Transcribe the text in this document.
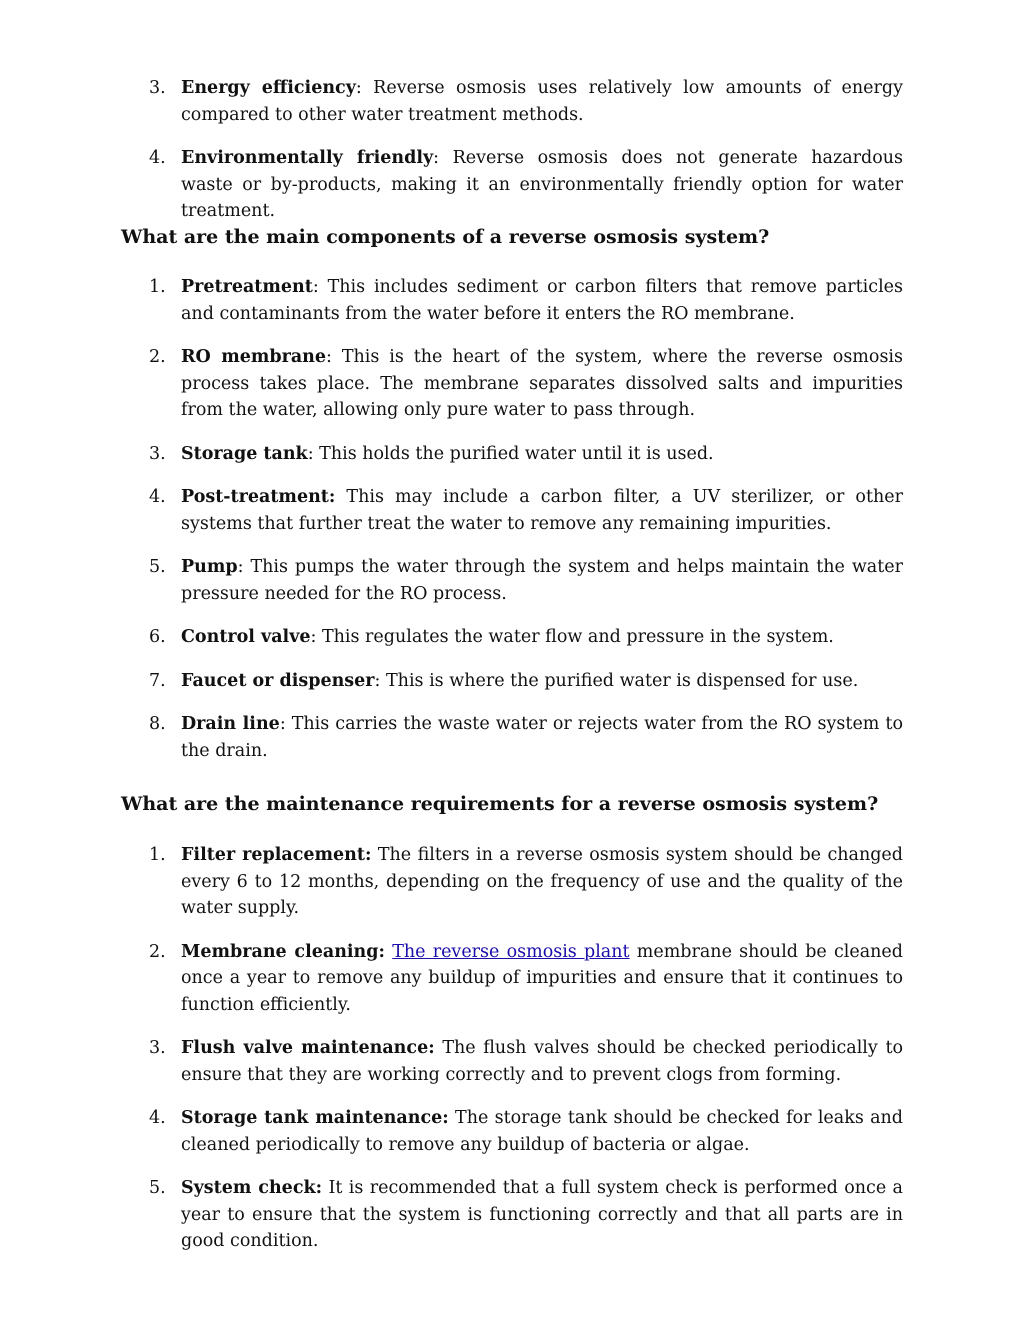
3. Energy efficiency: Reverse osmosis uses relatively low amounts of energy compared to other water treatment methods.
4. Environmentally friendly: Reverse osmosis does not generate hazardous waste or by-products, making it an environmentally friendly option for water treatment.
What are the main components of a reverse osmosis system?
1. Pretreatment: This includes sediment or carbon filters that remove particles and contaminants from the water before it enters the RO membrane.
2. RO membrane: This is the heart of the system, where the reverse osmosis process takes place. The membrane separates dissolved salts and impurities from the water, allowing only pure water to pass through.
3. Storage tank: This holds the purified water until it is used.
4. Post-treatment: This may include a carbon filter, a UV sterilizer, or other systems that further treat the water to remove any remaining impurities.
5. Pump: This pumps the water through the system and helps maintain the water pressure needed for the RO process.
6. Control valve: This regulates the water flow and pressure in the system.
7. Faucet or dispenser: This is where the purified water is dispensed for use.
8. Drain line: This carries the waste water or rejects water from the RO system to the drain.
What are the maintenance requirements for a reverse osmosis system?
1. Filter replacement: The filters in a reverse osmosis system should be changed every 6 to 12 months, depending on the frequency of use and the quality of the water supply.
2. Membrane cleaning: The reverse osmosis plant membrane should be cleaned once a year to remove any buildup of impurities and ensure that it continues to function efficiently.
3. Flush valve maintenance: The flush valves should be checked periodically to ensure that they are working correctly and to prevent clogs from forming.
4. Storage tank maintenance: The storage tank should be checked for leaks and cleaned periodically to remove any buildup of bacteria or algae.
5. System check: It is recommended that a full system check is performed once a year to ensure that the system is functioning correctly and that all parts are in good condition.
